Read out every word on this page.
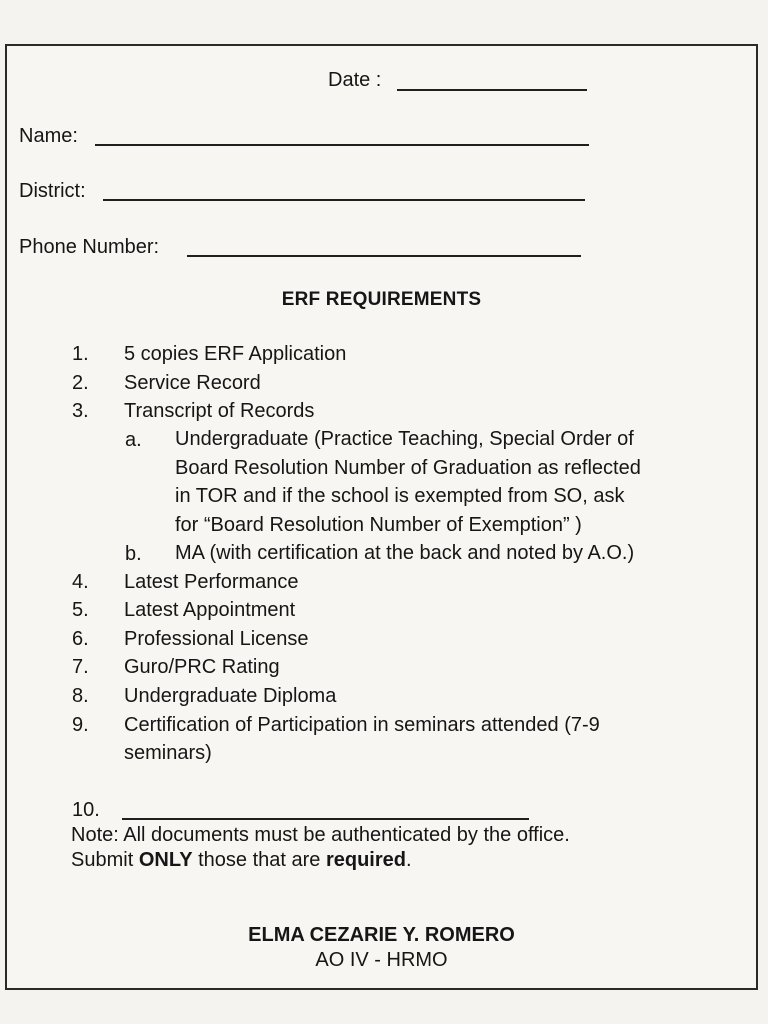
Date :
Name:
District:
Phone Number:
ERF REQUIREMENTS
1.	5 copies ERF Application
2.	Service Record
3.	Transcript of Records
a. Undergraduate (Practice Teaching, Special Order of
Board Resolution Number of Graduation as reflected
in TOR and if the school is exempted from SO, ask
for “Board Resolution Number of Exemption” )
b. MA (with certification at the back and noted by A.O.)
4.	Latest Performance
5.	Latest Appointment
6.	Professional License
7.	Guro/PRC Rating
8.	Undergraduate Diploma
9.	Certification of Participation in seminars attended (7-9
seminars)
10.
Note: All documents must be authenticated by the office.
Submit ONLY those that are required.
ELMA CEZARIE Y. ROMERO
AO IV - HRMO
